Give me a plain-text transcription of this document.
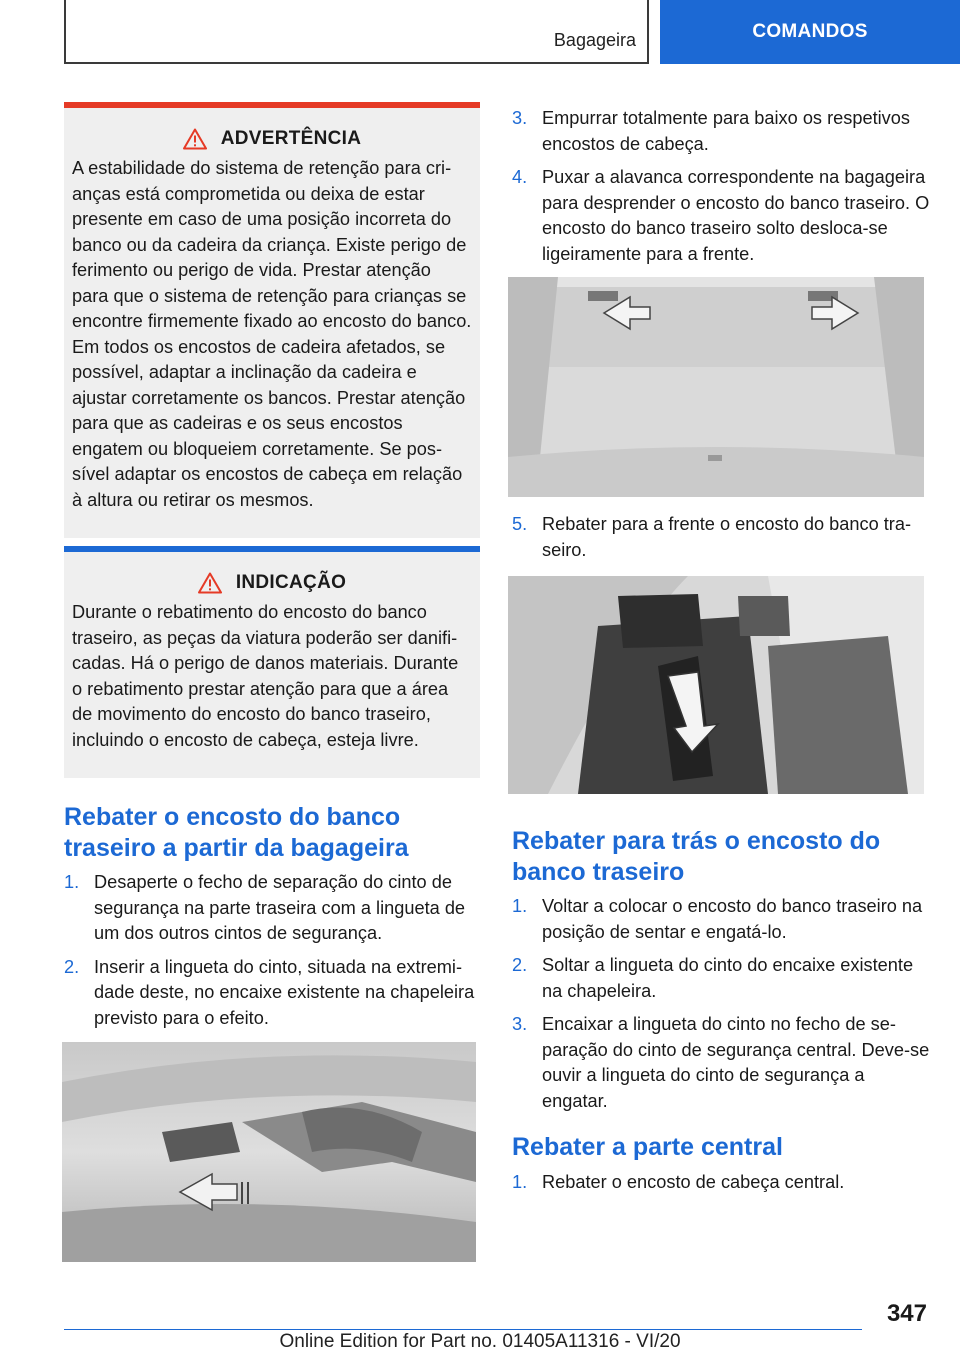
Bagageira	COMANDOS
ADVERTÊNCIA
A estabilidade do sistema de retenção para crianças está comprometida ou deixa de estar presente em caso de uma posição incorreta do banco ou da cadeira da criança. Existe perigo de ferimento ou perigo de vida. Prestar atenção para que o sistema de retenção para crianças se encontre firmemente fixado ao encosto do banco. Em todos os encostos de cadeira afetados, se possível, adaptar a inclinação da cadeira e ajustar corretamente os bancos. Prestar atenção para que as cadeiras e os seus encostos engatem ou bloqueiem corretamente. Se possível adaptar os encostos de cabeça em relação à altura ou retirar os mesmos.
INDICAÇÃO
Durante o rebatimento do encosto do banco traseiro, as peças da viatura poderão ser danificadas. Há o perigo de danos materiais. Durante o rebatimento prestar atenção para que a área de movimento do encosto do banco traseiro, incluindo o encosto de cabeça, esteja livre.
Rebater o encosto do banco traseiro a partir da bagageira
1. Desaperte o fecho de separação do cinto de segurança na parte traseira com a lingueta de um dos outros cintos de segurança.
2. Inserir a lingueta do cinto, situada na extremidade deste, no encaixe existente na chapeleira previsto para o efeito.
3. Empurrar totalmente para baixo os respetivos encostos de cabeça.
4. Puxar a alavanca correspondente na bagageira para desprender o encosto do banco traseiro. O encosto do banco traseiro solto desloca-se ligeiramente para a frente.
5. Rebater para a frente o encosto do banco traseiro.
Rebater para trás o encosto do banco traseiro
1. Voltar a colocar o encosto do banco traseiro na posição de sentar e engatá-lo.
2. Soltar a lingueta do cinto do encaixe existente na chapeleira.
3. Encaixar a lingueta do cinto no fecho de separação do cinto de segurança central. Deve-se ouvir a lingueta do cinto de segurança a engatar.
Rebater a parte central
1. Rebater o encosto de cabeça central.
347
Online Edition for Part no. 01405A11316 - VI/20
